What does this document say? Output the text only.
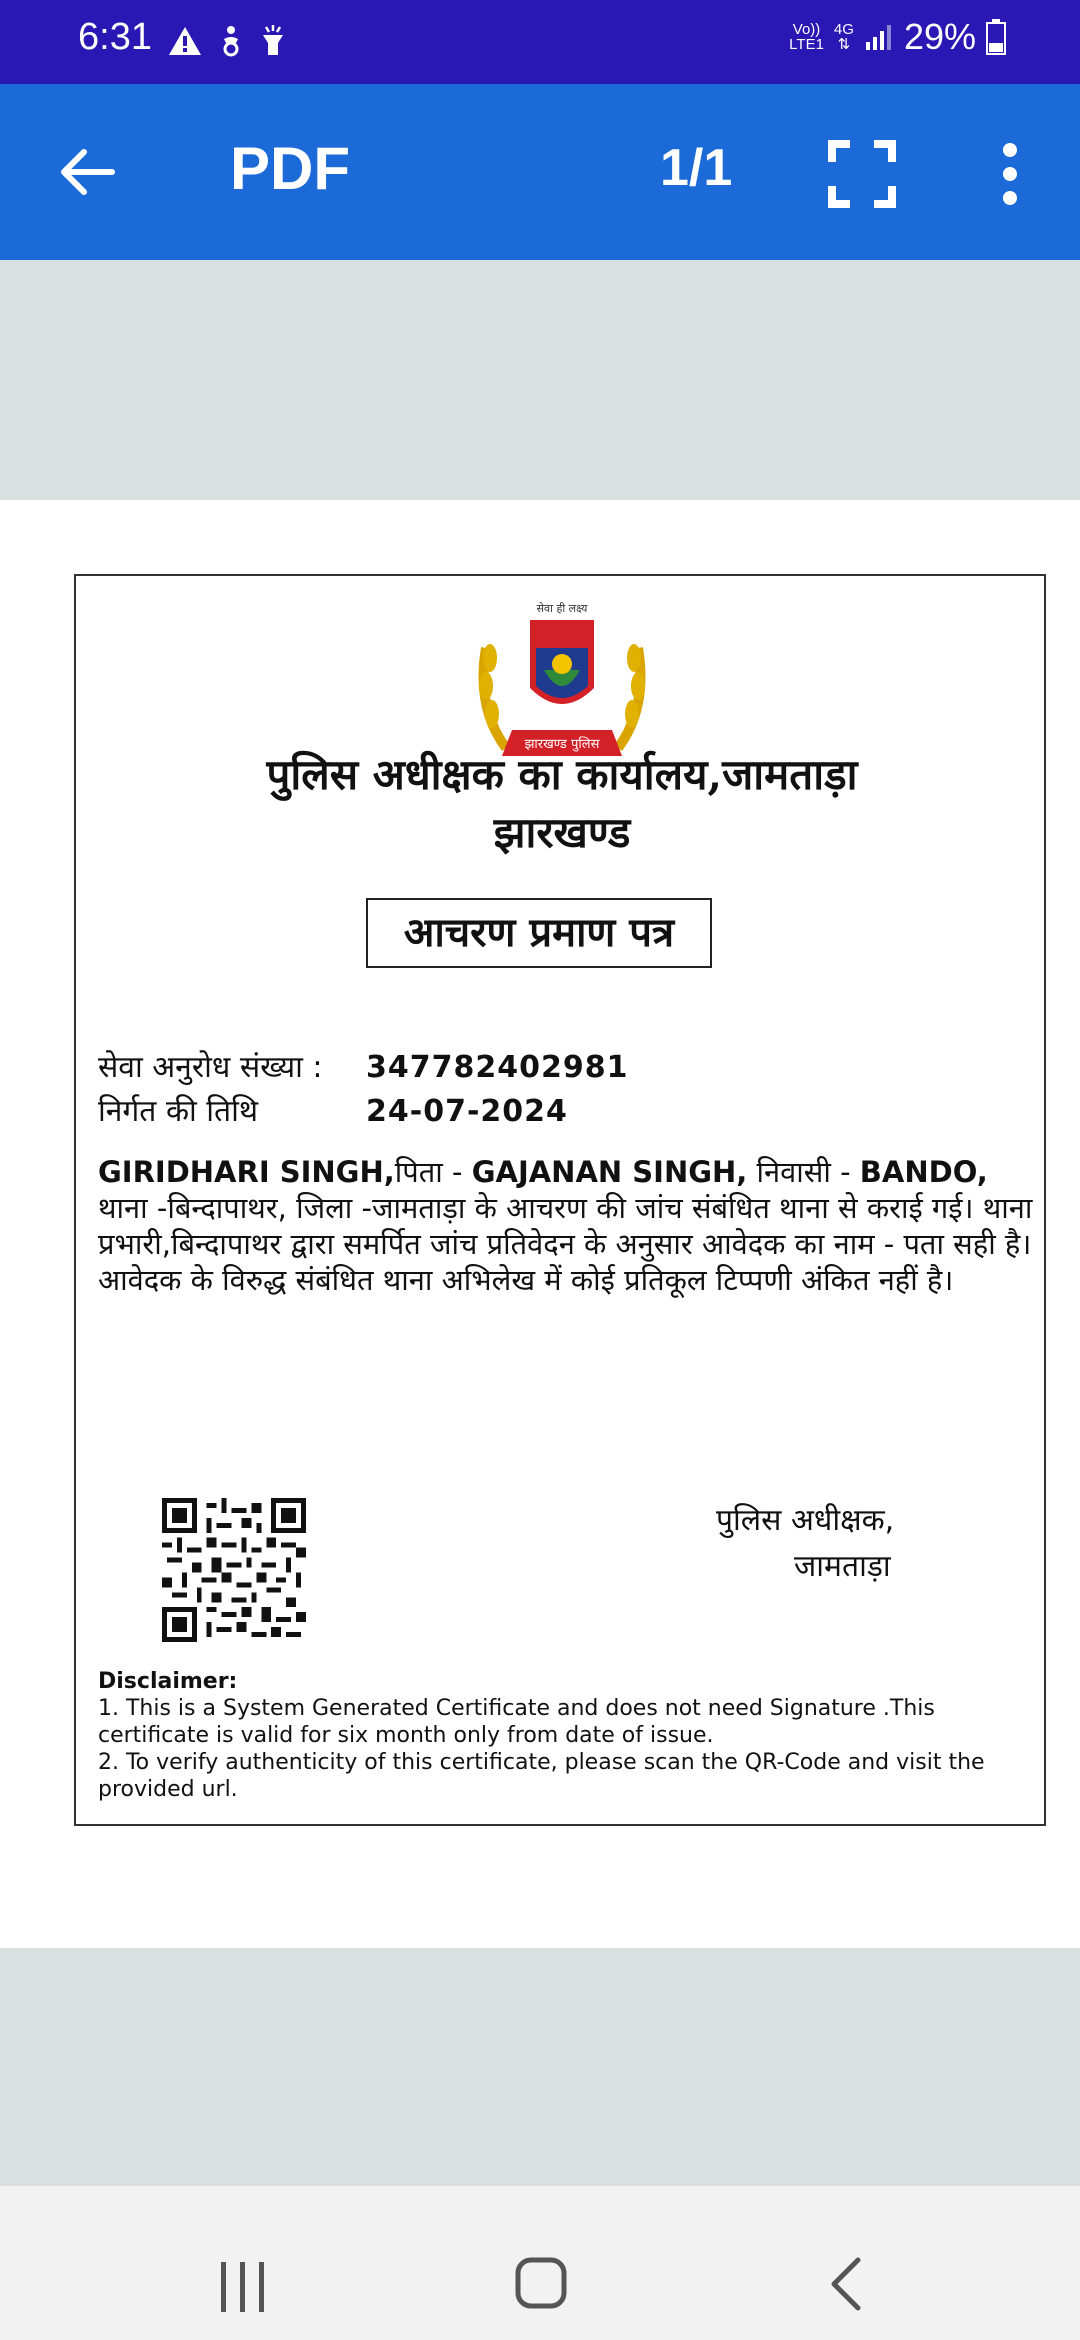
6:31	Vo))
LTE1
4G
⇅ 29%
PDF	1/1
सेवा ही लक्ष्य
झारखण्ड पुलिस
पुलिस अधीक्षक का कार्यालय,जामताड़ा
झारखण्ड
आचरण प्रमाण पत्र
सेवा अनुरोध संख्या :	347782402981
निर्गत की तिथि	24-07-2024
GIRIDHARI SINGH,पिता - GAJANAN SINGH, निवासी - BANDO, थाना -बिन्दापाथर, जिला -जामताड़ा के आचरण की जांच संबंधित थाना से कराई गई। थाना प्रभारी,बिन्दापाथर द्वारा समर्पित जांच प्रतिवेदन के अनुसार आवेदक का नाम - पता सही है। आवेदक के विरुद्ध संबंधित थाना अभिलेख में कोई प्रतिकूल टिप्पणी अंकित नहीं है।
पुलिस अधीक्षक,
जामताड़ा
Disclaimer:
1. This is a System Generated Certificate and does not need Signature .This certificate is valid for six month only from date of issue.
2. To verify authenticity of this certificate, please scan the QR-Code and visit the provided url.
